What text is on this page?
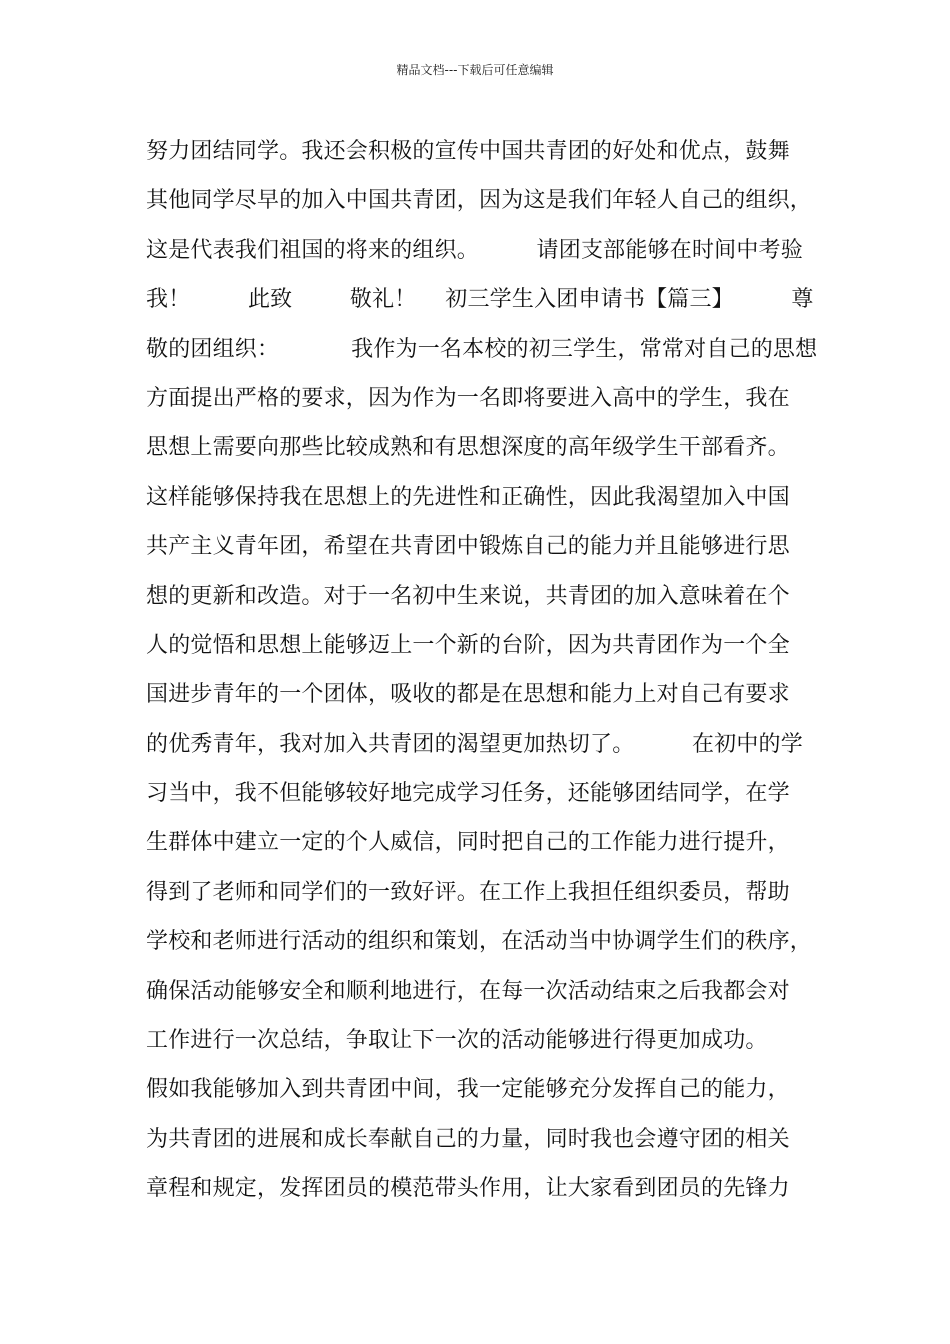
精品文档---下载后可任意编辑
努力团结同学。我还会积极的宣传中国共青团的好处和优点，鼓舞
其他同学尽早的加入中国共青团，因为这是我们年轻人自己的组织，
这是代表我们祖国的将来的组织。        请团支部能够在时间中考验
我！        此致        敬礼！    初三学生入团申请书【篇三】        尊
敬的团组织：          我作为一名本校的初三学生，常常对自己的思想
方面提出严格的要求，因为作为一名即将要进入高中的学生，我在
思想上需要向那些比较成熟和有思想深度的高年级学生干部看齐。
这样能够保持我在思想上的先进性和正确性，因此我渴望加入中国
共产主义青年团，希望在共青团中锻炼自己的能力并且能够进行思
想的更新和改造。对于一名初中生来说，共青团的加入意味着在个
人的觉悟和思想上能够迈上一个新的台阶，因为共青团作为一个全
国进步青年的一个团体，吸收的都是在思想和能力上对自己有要求
的优秀青年，我对加入共青团的渴望更加热切了。        在初中的学
习当中，我不但能够较好地完成学习任务，还能够团结同学，在学
生群体中建立一定的个人威信，同时把自己的工作能力进行提升，
得到了老师和同学们的一致好评。在工作上我担任组织委员，帮助
学校和老师进行活动的组织和策划，在活动当中协调学生们的秩序，
确保活动能够安全和顺利地进行，在每一次活动结束之后我都会对
工作进行一次总结，争取让下一次的活动能够进行得更加成功。
假如我能够加入到共青团中间，我一定能够充分发挥自己的能力，
为共青团的进展和成长奉献自己的力量，同时我也会遵守团的相关
章程和规定，发挥团员的模范带头作用，让大家看到团员的先锋力
